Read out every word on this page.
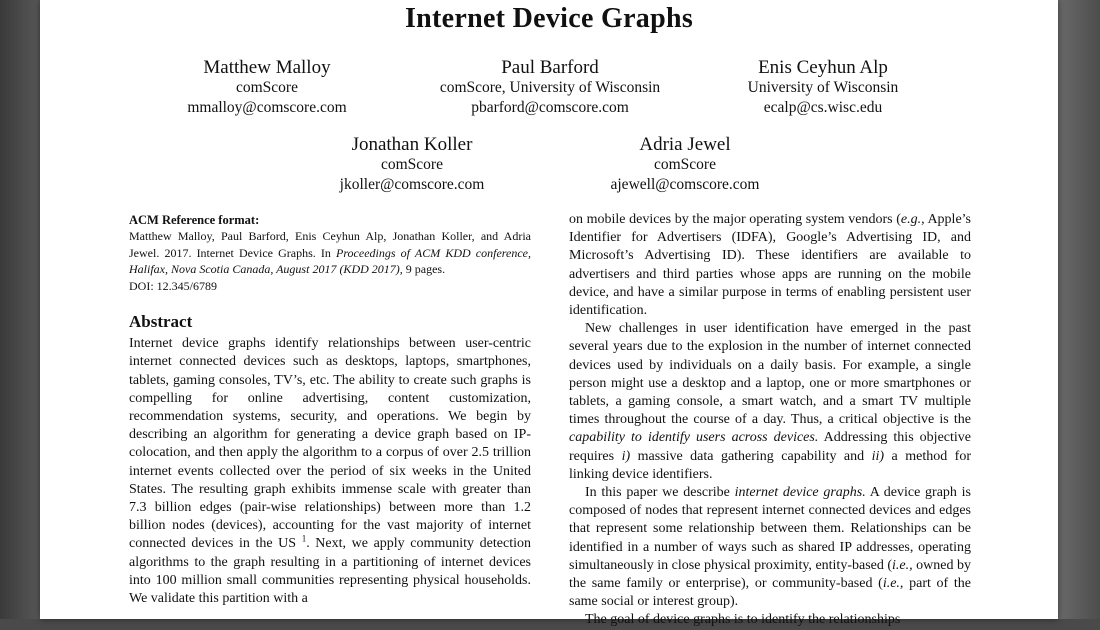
Internet Device Graphs
Matthew Malloy
comScore
mmalloy@comscore.com
Paul Barford
comScore, University of Wisconsin
pbarford@comscore.com
Enis Ceyhun Alp
University of Wisconsin
ecalp@cs.wisc.edu
Jonathan Koller
comScore
jkoller@comscore.com
Adria Jewel
comScore
ajewell@comscore.com
ACM Reference format:
Matthew Malloy, Paul Barford, Enis Ceyhun Alp, Jonathan Koller, and Adria Jewel. 2017. Internet Device Graphs. In Proceedings of ACM KDD conference, Halifax, Nova Scotia Canada, August 2017 (KDD 2017), 9 pages.
DOI: 12.345/6789
Abstract

Internet device graphs identify relationships between user-centric internet connected devices such as desktops, laptops, smartphones, tablets, gaming consoles, TV’s, etc. The ability to create such graphs is compelling for online advertising, content customization, recommendation systems, security, and operations. We begin by describing an algorithm for generating a device graph based on IP-colocation, and then apply the algorithm to a corpus of over 2.5 trillion internet events collected over the period of six weeks in the United States. The resulting graph exhibits immense scale with greater than 7.3 billion edges (pair-wise relationships) between more than 1.2 billion nodes (devices), accounting for the vast majority of internet connected devices in the US $^1$. Next, we apply community detection algorithms to the graph resulting in a partitioning of internet devices into 100 million small communities representing physical households. We validate this partition with a

on mobile devices by the major operating system vendors (e.g., Apple’s Identifier for Advertisers (IDFA), Google’s Advertising ID, and Microsoft’s Advertising ID). These identifiers are available to advertisers and third parties whose apps are running on the mobile device, and have a similar purpose in terms of enabling persistent user identification.

New challenges in user identification have emerged in the past several years due to the explosion in the number of internet connected devices used by individuals on a daily basis. For example, a single person might use a desktop and a laptop, one or more smartphones or tablets, a gaming console, a smart watch, and a smart TV multiple times throughout the course of a day. Thus, a critical objective is the capability to identify users across devices. Addressing this objective requires i) massive data gathering capability and ii) a method for linking device identifiers.

In this paper we describe internet device graphs. A device graph is composed of nodes that represent internet connected devices and edges that represent some relationship between them. Relationships can be identified in a number of ways such as shared IP addresses, operating simultaneously in close physical proximity, entity-based (i.e., owned by the same family or enterprise), or community-based (i.e., part of the same social or interest group).

The goal of device graphs is to identify the relationships
